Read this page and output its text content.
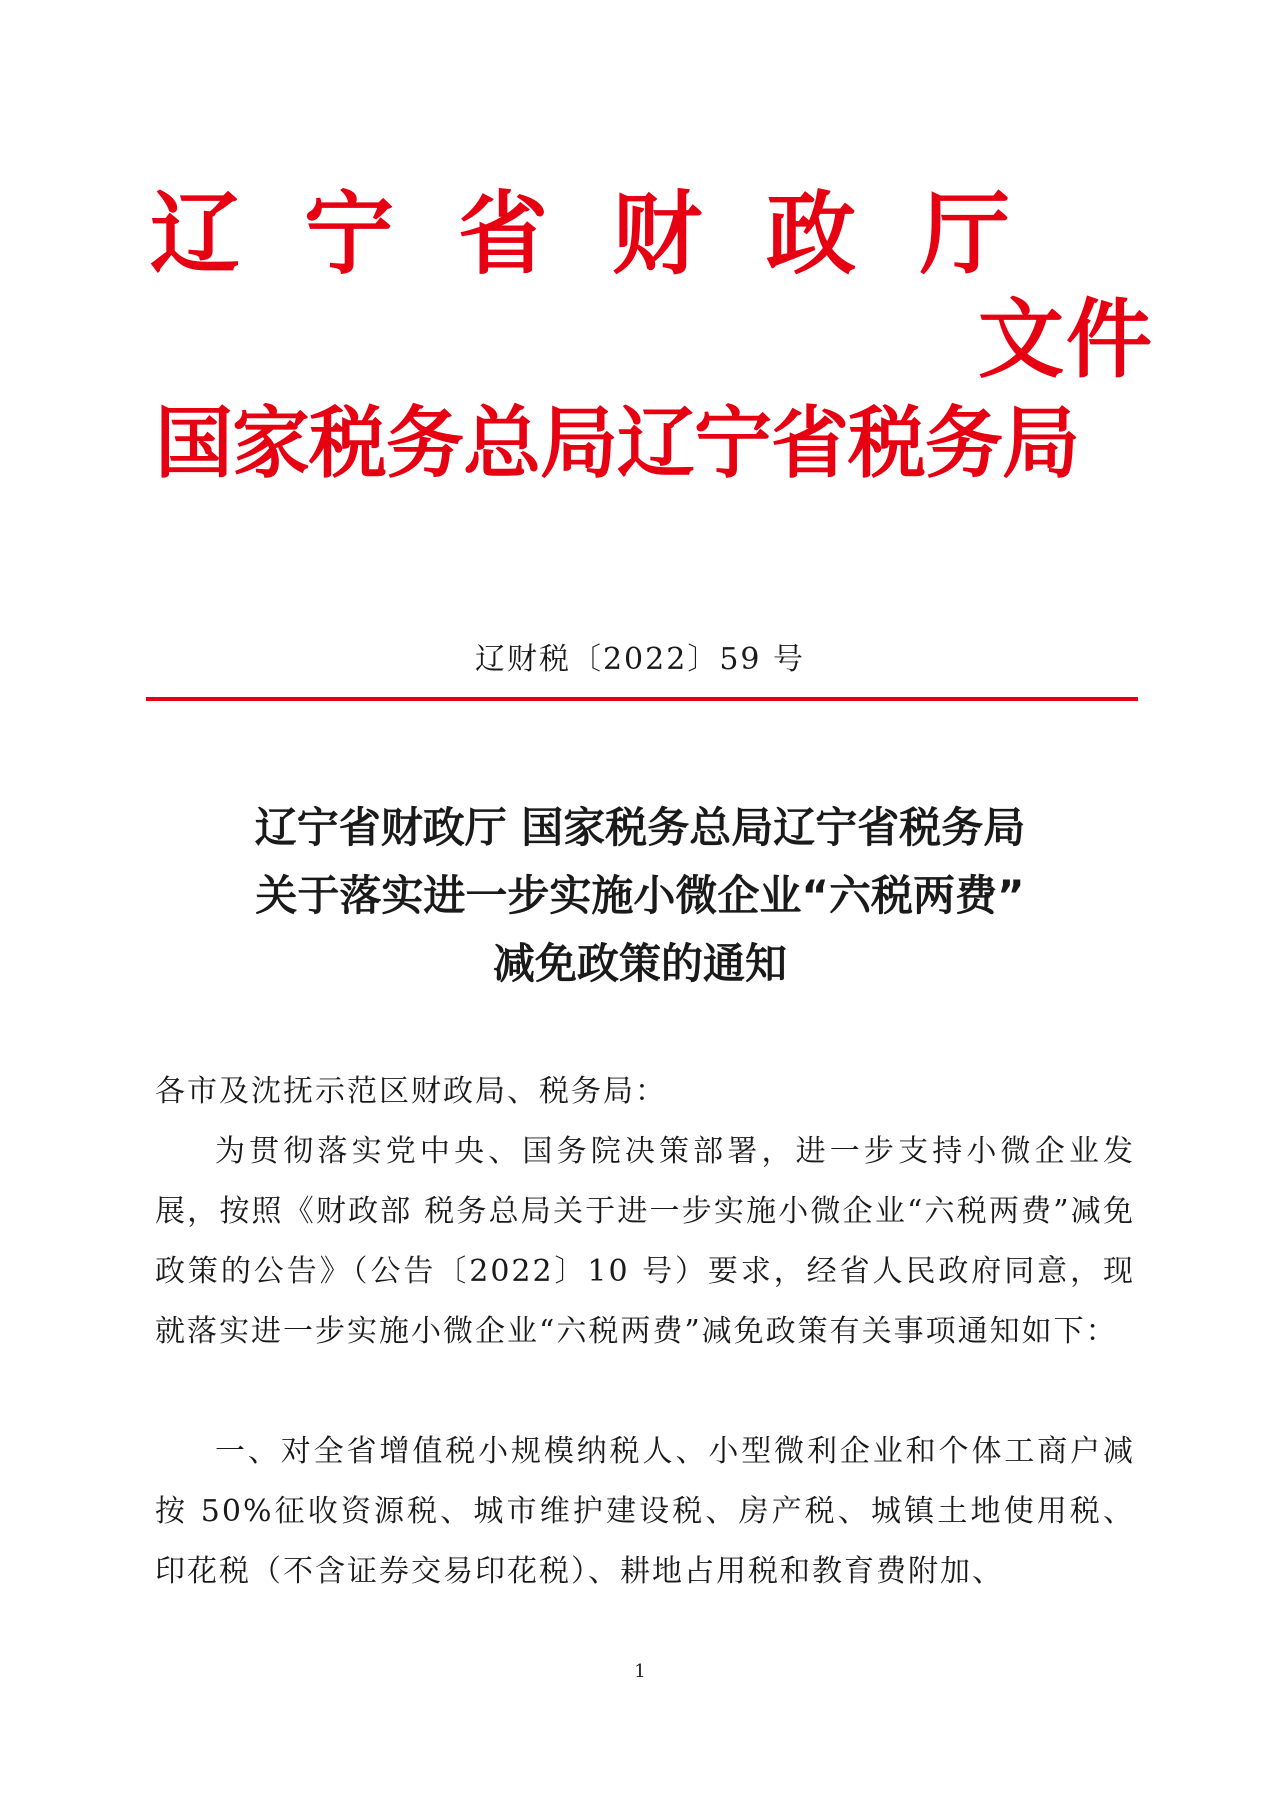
辽 宁 省 财 政 厅
文件
国家税务总局辽宁省税务局
辽财税〔2022〕59 号
辽宁省财政厅 国家税务总局辽宁省税务局
关于落实进一步实施小微企业“六税两费”
减免政策的通知

各市及沈抚示范区财政局、税务局：

为贯彻落实党中央、国务院决策部署，进一步支持小微企业发展，按照《财政部 税务总局关于进一步实施小微企业“六税两费”减免政策的公告》（公告〔2022〕10 号）要求，经省人民政府同意，现就落实进一步实施小微企业“六税两费”减免政策有关事项通知如下：

一、对全省增值税小规模纳税人、小型微利企业和个体工商户减按 50%征收资源税、城市维护建设税、房产税、城镇土地使用税、印花税（不含证券交易印花税）、耕地占用税和教育费附加、

1
